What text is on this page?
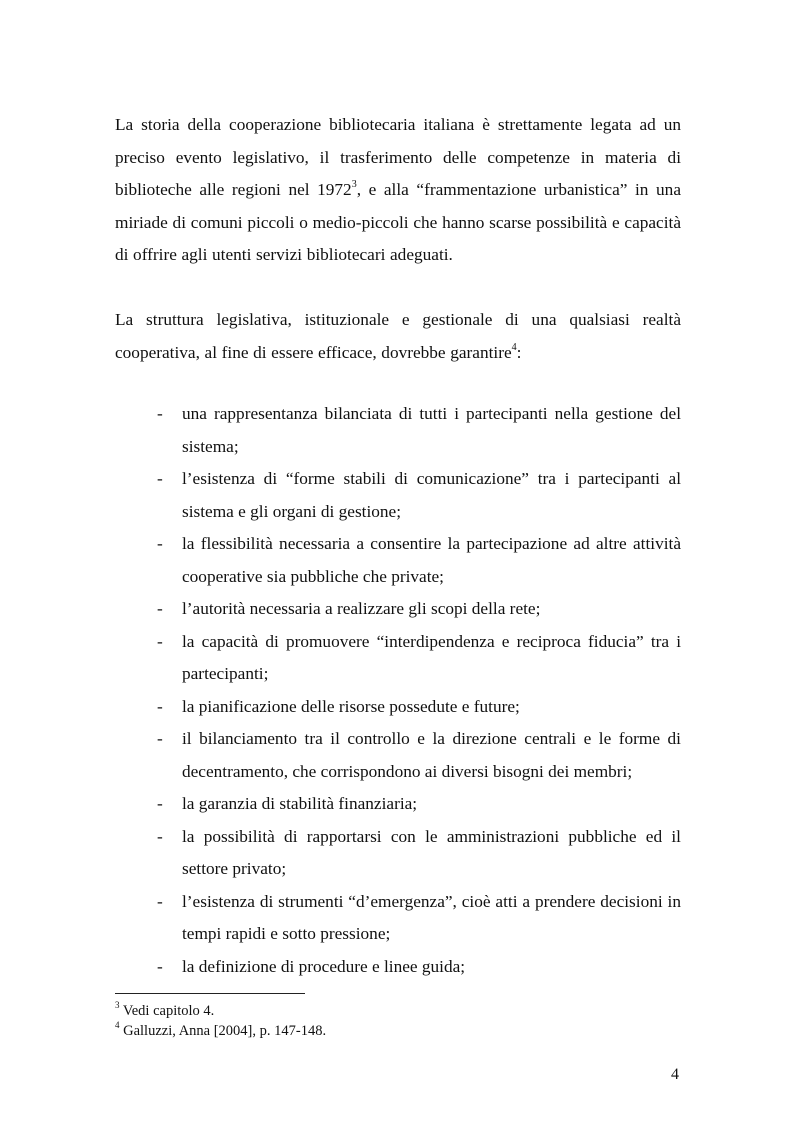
La storia della cooperazione bibliotecaria italiana è strettamente legata ad un preciso evento legislativo, il trasferimento delle competenze in materia di biblioteche alle regioni nel 1972$^3$, e alla “frammentazione urbanistica” in una miriade di comuni piccoli o medio-piccoli che hanno scarse possibilità e capacità di offrire agli utenti servizi bibliotecari adeguati.

La struttura legislativa, istituzionale e gestionale di una qualsiasi realtà cooperativa, al fine di essere efficace, dovrebbe garantire$^4$:

- una rappresentanza bilanciata di tutti i partecipanti nella gestione del sistema;
- l’esistenza di “forme stabili di comunicazione” tra i partecipanti al sistema e gli organi di gestione;
- la flessibilità necessaria a consentire la partecipazione ad altre attività cooperative sia pubbliche che private;
- l’autorità necessaria a realizzare gli scopi della rete;
- la capacità di promuovere “interdipendenza e reciproca fiducia” tra i partecipanti;
- la pianificazione delle risorse possedute e future;
- il bilanciamento tra il controllo e la direzione centrali e le forme di decentramento, che corrispondono ai diversi bisogni dei membri;
- la garanzia di stabilità finanziaria;
- la possibilità di rapportarsi con le amministrazioni pubbliche ed il settore privato;
- l’esistenza di strumenti “d’emergenza”, cioè atti a prendere decisioni in tempi rapidi e sotto pressione;
- la definizione di procedure e linee guida;
$^3$ Vedi capitolo 4.
$^4$ Galluzzi, Anna [2004], p. 147-148.
4
